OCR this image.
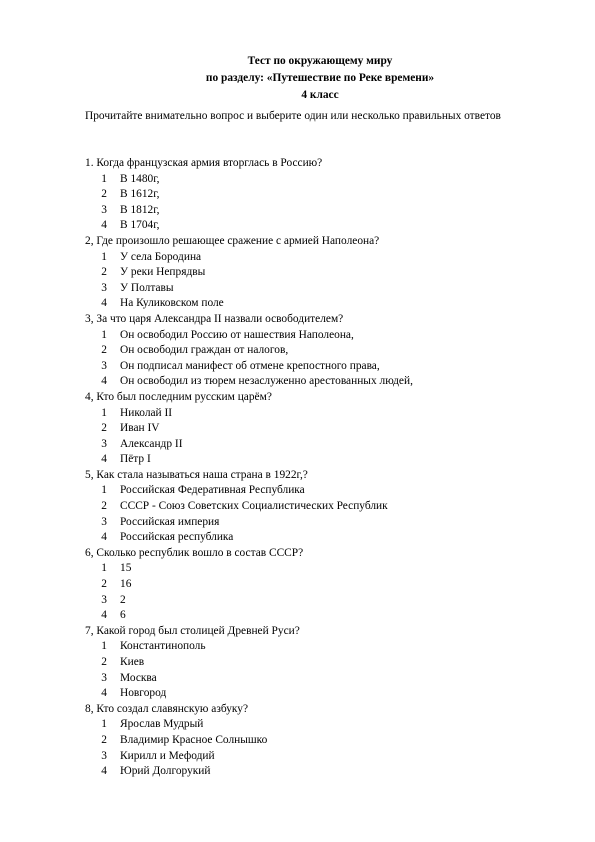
Тест по окружающему миру
по разделу: «Путешествие по Реке времени»
4 класс
Прочитайте внимательно вопрос и выберите один или несколько правильных ответов
1. Когда французская армия вторглась в Россию?
1 В 1480г,
2 В 1612г,
3 В 1812г,
4 В 1704г,
2, Где произошло решающее сражение с армией Наполеона?
1 У села Бородина
2 У реки Непрядвы
3 У Полтавы
4 На Куликовском поле
3, За что царя Александра II назвали освободителем?
1 Он освободил Россию от нашествия Наполеона,
2 Он освободил граждан от налогов,
3 Он подписал манифест об отмене крепостного права,
4 Он освободил из тюрем незаслуженно арестованных людей,
4, Кто был последним русским царём?
1 Николай II
2 Иван IV
3 Александр II
4 Пётр I
5, Как стала называться наша страна в 1922г,?
1 Российская Федеративная Республика
2 СССР - Союз Советских Социалистических Республик
3 Российская империя
4 Российская республика
6, Сколько республик вошло в состав СССР?
1 15
2 16
3 2
4 6
7, Какой город был столицей Древней Руси?
1 Константинополь
2 Киев
3 Москва
4 Новгород
8, Кто создал славянскую азбуку?
1 Ярослав Мудрый
2 Владимир Красное Солнышко
3 Кирилл и Мефодий
4 Юрий Долгорукий
